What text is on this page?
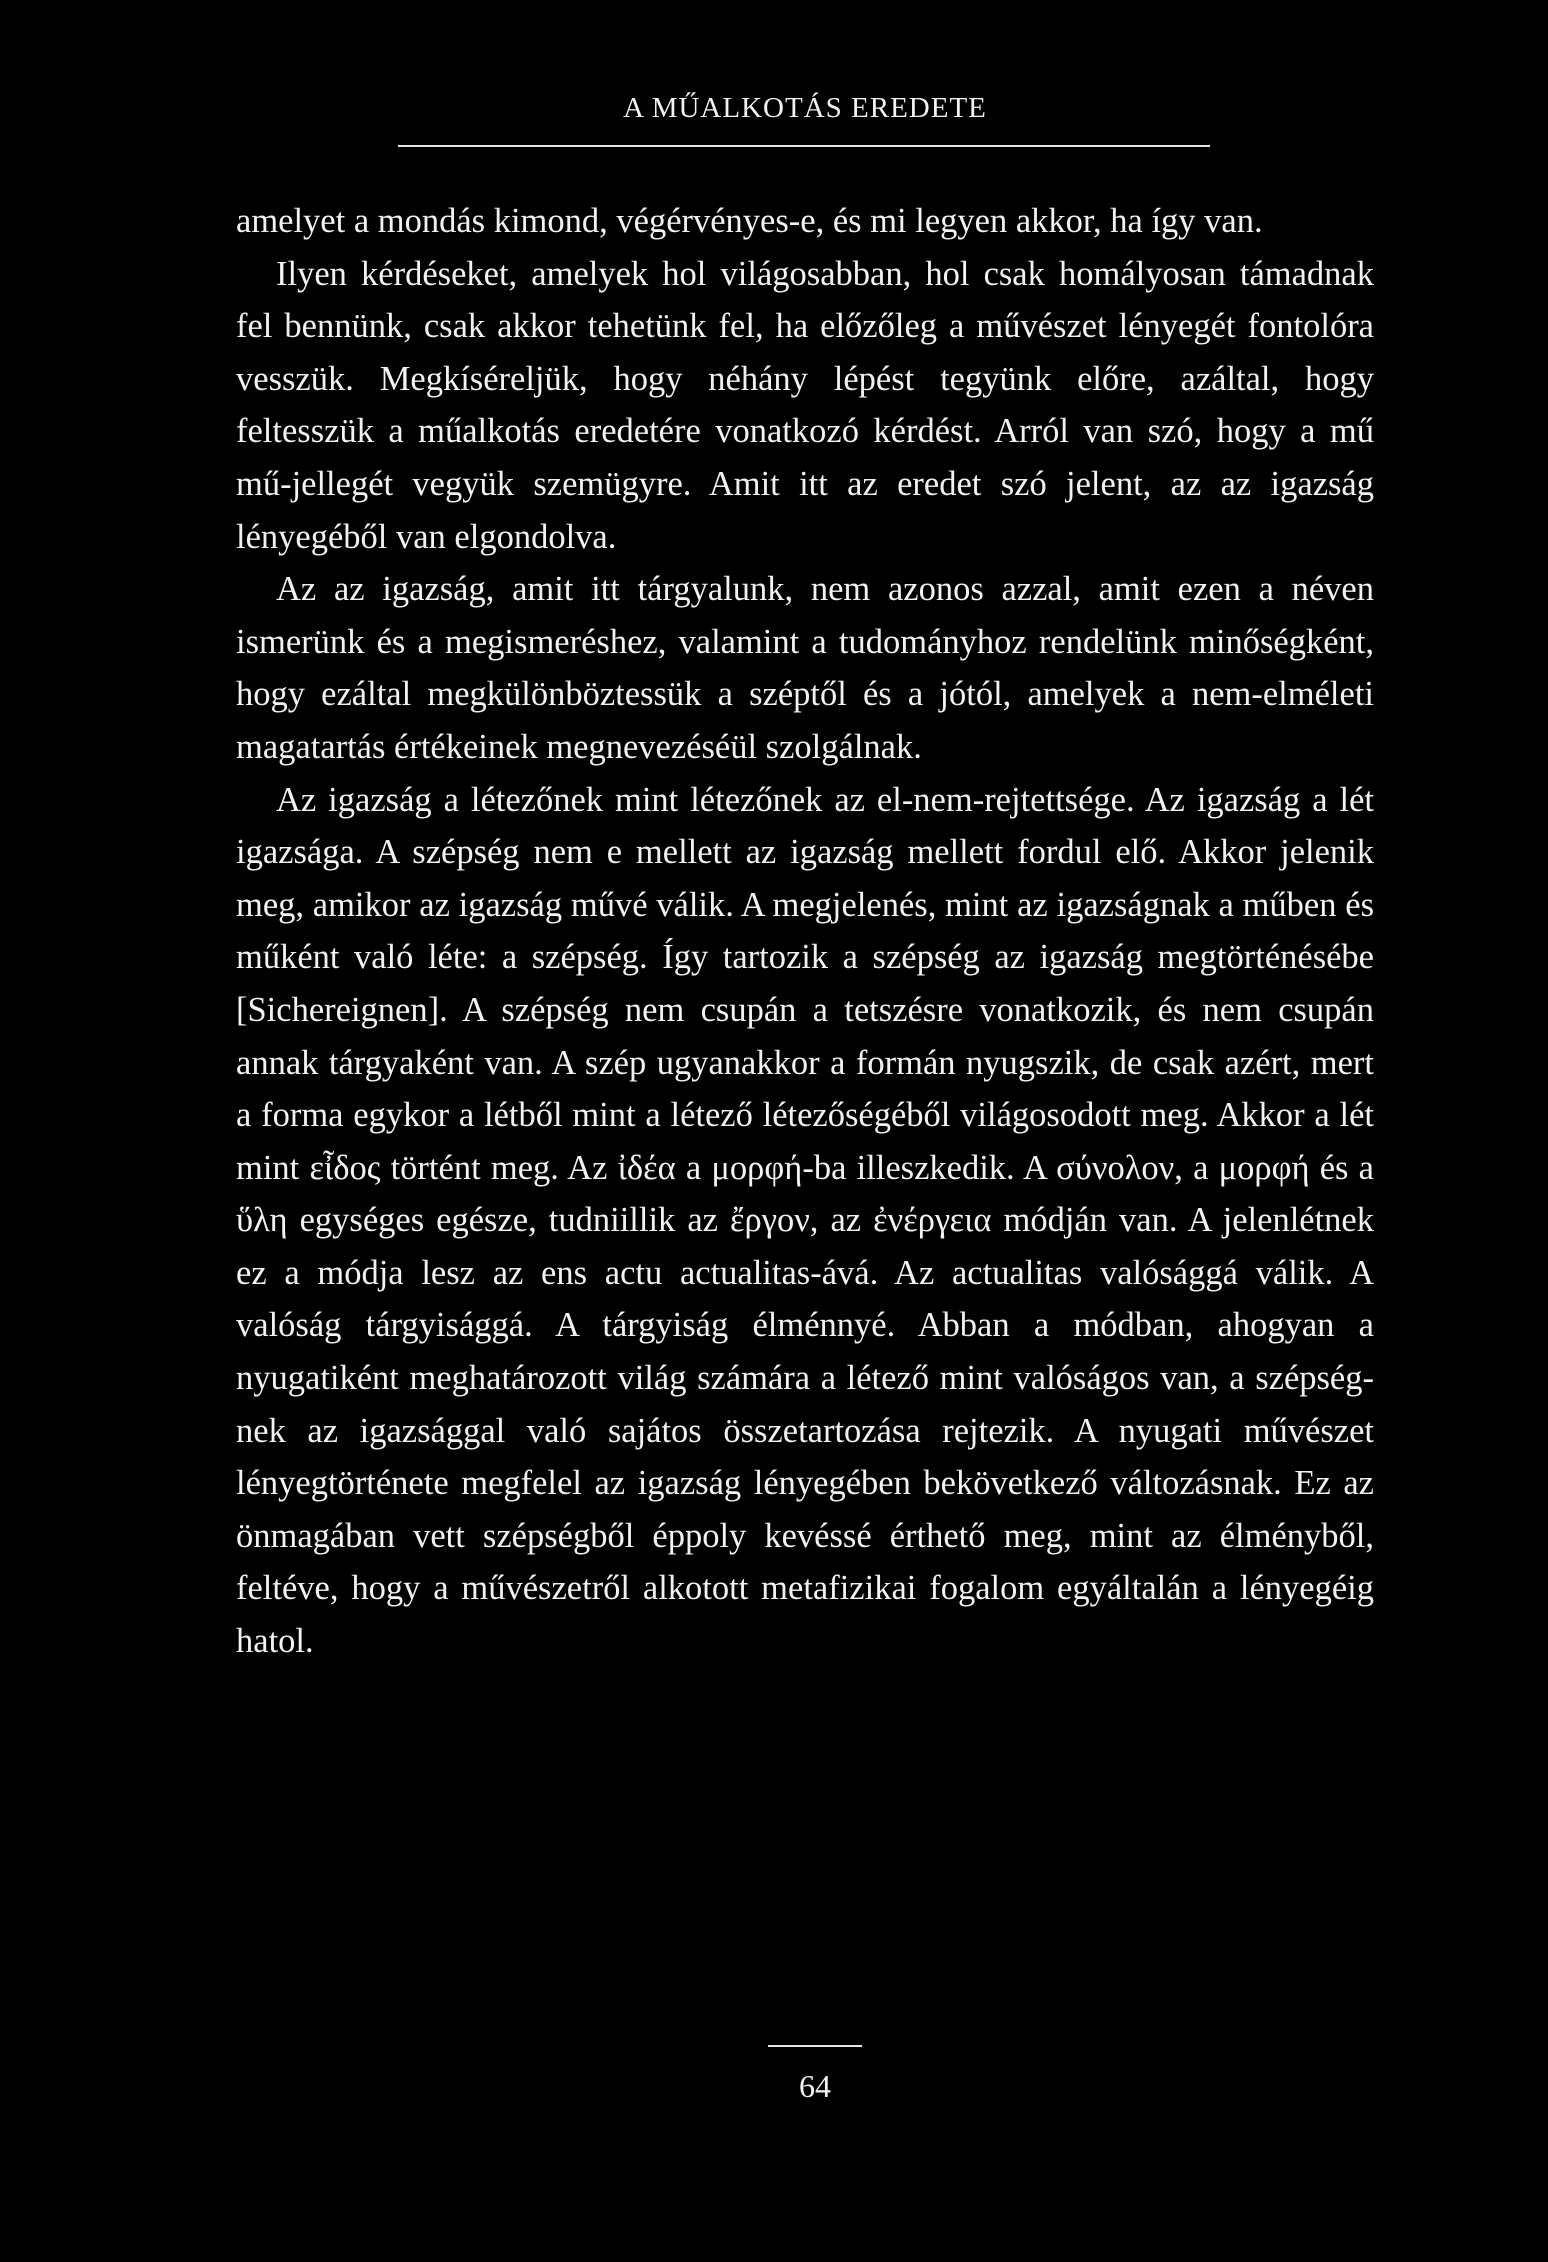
A MŰALKOTÁS EREDETE

amelyet a mondás kimond, végérvényes-e, és mi legyen akkor, ha így van.

Ilyen kérdéseket, amelyek hol világosabban, hol csak homályosan támadnak fel bennünk, csak akkor tehetünk fel, ha előzőleg a művészet lényegét fontolóra vesszük. Megkíséreljük, hogy néhány lépést tegyünk előre, azáltal, hogy feltesszük a műalkotás eredetére vonatkozó kérdést. Arról van szó, hogy a mű mű-jellegét vegyük szemügyre. Amit itt az eredet szó jelent, az az igazság lényegéből van elgondolva.

Az az igazság, amit itt tárgyalunk, nem azonos azzal, amit ezen a néven ismerünk és a megismeréshez, valamint a tudományhoz rendelünk minőségként, hogy ezáltal megkülönböztessük a széptől és a jótól, amelyek a nem-elméleti magatartás értékeinek megnevezéséül szolgálnak.

Az igazság a létezőnek mint létezőnek az el-nem-rejtettsége. Az igazság a lét igazsága. A szépség nem e mellett az igazság mellett fordul elő. Akkor jelenik meg, amikor az igazság művé válik. A megjelenés, mint az igazságnak a műben és műként való léte: a szépség. Így tartozik a szépség az igazság megtörténésébe [Sichereignen]. A szépség nem csupán a tetszésre vonatkozik, és nem csupán annak tárgyaként van. A szép ugyanakkor a formán nyugszik, de csak azért, mert a forma egykor a létből mint a létező létezőségéből világosodott meg. Akkor a lét mint εἶδος történt meg. Az ἰδέα a μορφή-ba illeszkedik. A σύνολον, a μορφή és a ὕλη egységes egésze, tudniillik az ἔργον, az ἐνέργεια módján van. A jelenlétnek ez a módja lesz az ens actu actualitas-ává. Az actualitas valósággá válik. A valóság tárgyisággá. A tárgyiság élménnyé. Abban a módban, ahogyan a nyugatiként meghatározott világ számára a létező mint valóságos van, a szépségnek az igazsággal való sajátos összetartozása rejtezik. A nyugati művészet lényegtörténete megfelel az igazság lényegében bekövetkező változásnak. Ez az önmagában vett szépségből éppoly kevéssé érthető meg, mint az élményből, feltéve, hogy a művészetről alkotott metafizikai fogalom egyáltalán a lényegéig hatol.

64
